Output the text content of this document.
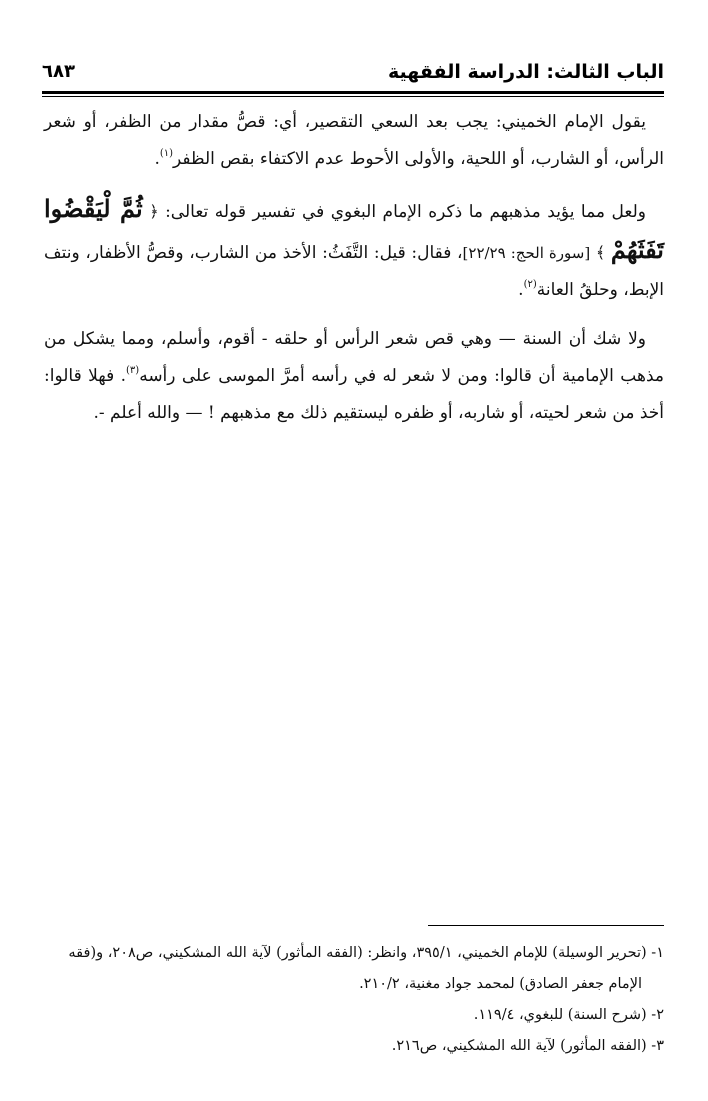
الباب الثالث: الدراسة الفقهية
٦٨٣

يقول الإمام الخميني: يجب بعد السعي التقصير، أي: قصُّ مقدار من الظفر، أو شعر الرأس، أو الشارب، أو اللحية، والأولى الأحوط عدم الاكتفاء بقص الظفر$^{(١)}$.

ولعل مما يؤيد مذهبهم ما ذكره الإمام البغوي في تفسير قوله تعالى: ﴿ ثُمَّ لْيَقْضُوا تَفَثَهُمْ ﴾ [سورة الحج: ٢٢/٢٩]، فقال: قيل: التَّفَثُ: الأخذ من الشارب، وقصُّ الأظفار، ونتف الإبط، وحلقُ العانة$^{(٢)}$.

ولا شك أن السنة — وهي قص شعر الرأس أو حلقه - أقوم، وأسلم، ومما يشكل من مذهب الإمامية أن قالوا: ومن لا شعر له في رأسه أمرَّ الموسى على رأسه$^{(٣)}$. فهلا قالوا: أخذ من شعر لحيته، أو شاربه، أو ظفره ليستقيم ذلك مع مذهبهم ! — والله أعلم -.

١- (تحرير الوسيلة) للإمام الخميني، ٣٩٥/١، وانظر: (الفقه المأثور) لآية الله المشكيني، ص٢٠٨، و(فقه
الإمام جعفر الصادق) لمحمد جواد مغنية، ٢١٠/٢.

٢- (شرح السنة) للبغوي، ١١٩/٤.

٣- (الفقه المأثور) لآية الله المشكيني، ص٢١٦.
